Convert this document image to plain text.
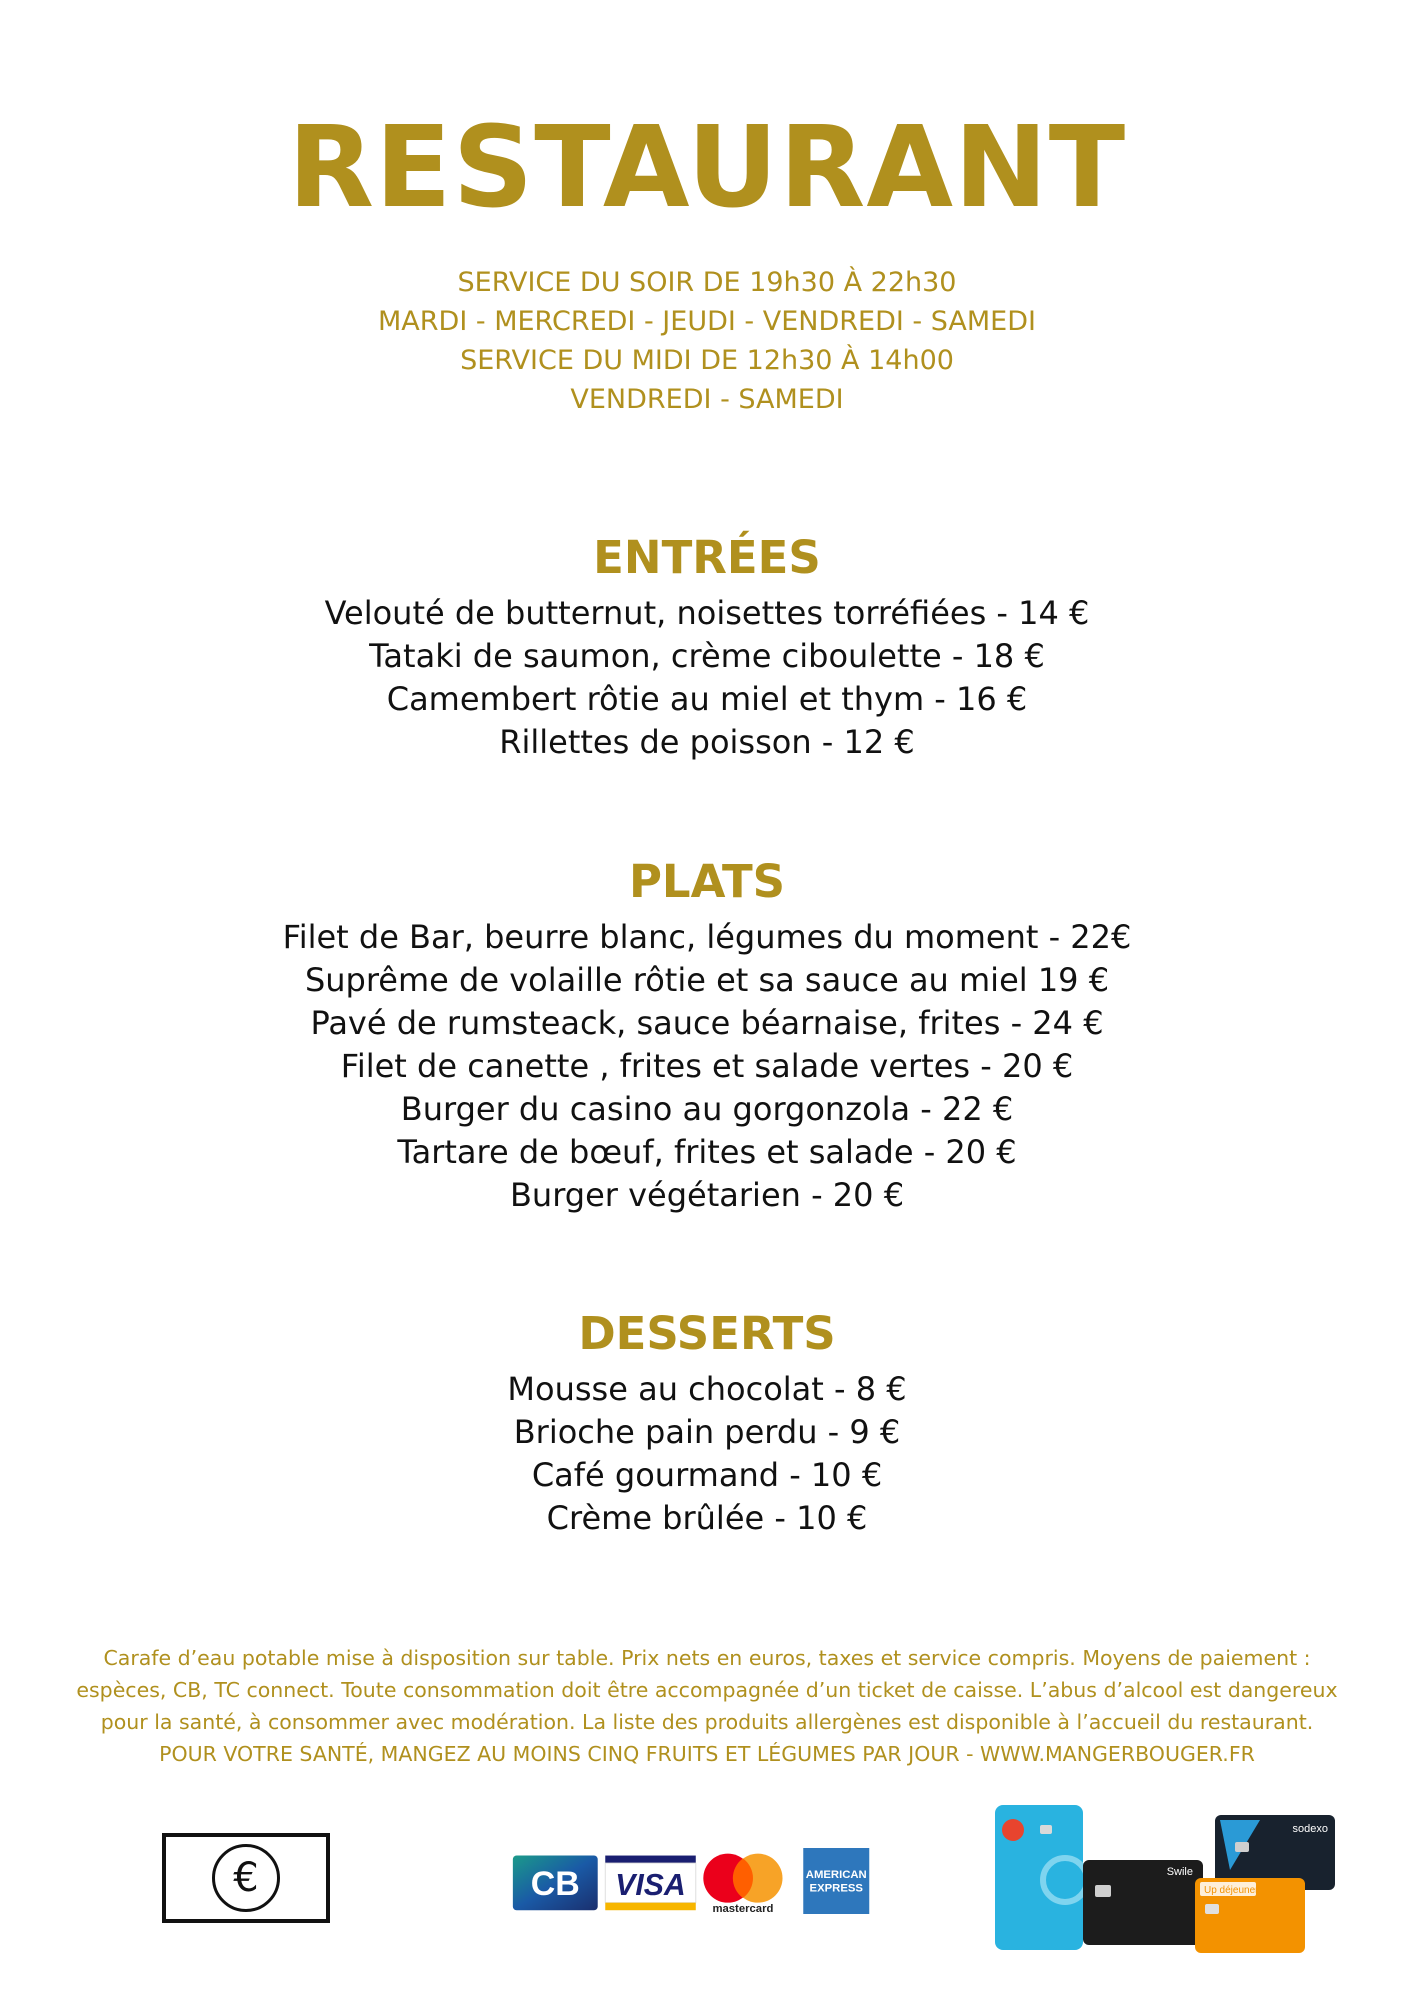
RESTAURANT
SERVICE DU SOIR DE 19h30 À 22h30
MARDI - MERCREDI - JEUDI - VENDREDI - SAMEDI
SERVICE DU MIDI DE 12h30 À 14h00
VENDREDI - SAMEDI
ENTRÉES
Velouté de butternut, noisettes torréfiées - 14 €
Tataki de saumon, crème ciboulette - 18 €
Camembert rôtie au miel et thym - 16 €
Rillettes de poisson - 12 €
PLATS
Filet de Bar, beurre blanc, légumes du moment - 22€
Suprême de volaille rôtie et sa sauce au miel 19 €
Pavé de rumsteack, sauce béarnaise, frites - 24 €
Filet de canette , frites et salade vertes - 20 €
Burger du casino au gorgonzola - 22 €
Tartare de bœuf, frites et salade - 20 €
Burger végétarien - 20 €
DESSERTS
Mousse au chocolat - 8 €
Brioche pain perdu - 9 €
Café gourmand - 10 €
Crème brûlée - 10 €
Carafe d’eau potable mise à disposition sur table. Prix nets en euros, taxes et service compris. Moyens de paiement :
espèces, CB, TC connect. Toute consommation doit être accompagnée d’un ticket de caisse. L’abus d’alcool est dangereux
pour la santé, à consommer avec modération. La liste des produits allergènes est disponible à l’accueil du restaurant.
POUR VOTRE SANTÉ, MANGEZ AU MOINS CINQ FRUITS ET LÉGUMES PAR JOUR - WWW.MANGERBOUGER.FR
€	CB VISA
mastercard
AMERICAN
EXPRESS
Swile
sodexo
Up déjeuner
